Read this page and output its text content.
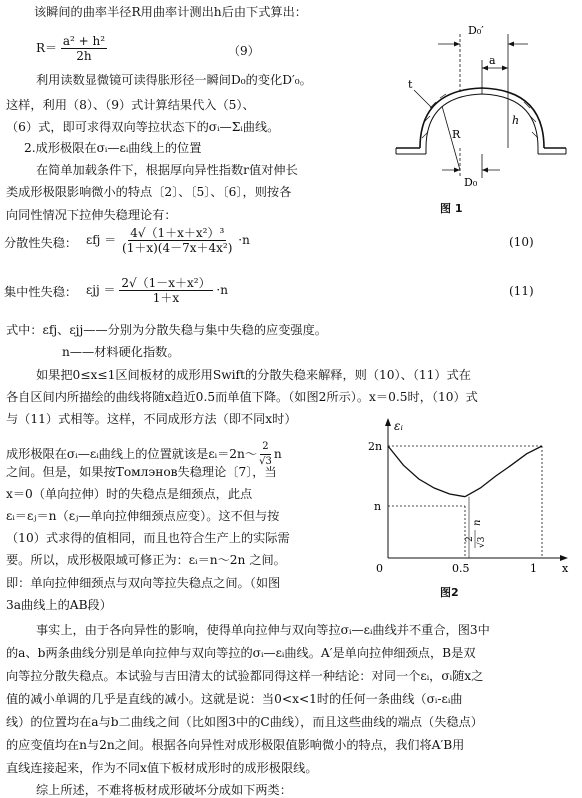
该瞬间的曲率半径R用曲率计测出h后由下式算出：
$R= \frac{\text{a² + h²}}{2h}$	（9）
利用读数显微镜可读得胀形径一瞬间D₀的变化D′₀。
这样，利用（8）、（9）式计算结果代入（5）、
（6）式，即可求得双向等拉状态下的σᵢ—Σᵢ曲线。
2.成形极限在σᵢ—εᵢ曲线上的位置
在简单加载条件下，根据厚向异性指数r值对伸长
类成形极限影响微小的特点〔2〕、〔5〕、〔6〕，则按各
向同性情况下拉伸失稳理论有：
D₀′
a
h
R
t
D₀
图 1
分散性失稳： $\varepsilon fj = \frac{\text{4√（1＋x＋x²）³}}{\text{(1＋x)(4－7x＋4x²)}} \cdot n$	(10)
集中性失稳： $\varepsilon jj = \frac{\text{2√（1－x＋x²）}}{1+x} \cdot n$	(11)
式中：εfj、εjj——分别为分散失稳与集中失稳的应变强度。
n——材料硬化指数。
如果把0≤x≤1区间板材的成形用Swift的分散失稳来解释，则（10）、（11）式在
各自区间内所描绘的曲线将随x趋近0.5而单值下降。（如图2所示）。x＝0.5时，（10）式
与（11）式相等。这样，不同成形方法（即不同x时）
成形极限在σᵢ—εᵢ曲线上的位置就该是εᵢ＝2n～ $\frac{2}{√3}$ n
之间。但是，如果按Томлэнов失稳理论〔7〕，当
x＝0（单向拉伸）时的失稳点是细颈点，此点
εᵢ＝εⱼ＝n（εⱼ—单向拉伸细颈点应变）。这不但与按
（10）式求得的值相同，而且也符合生产上的实际需
要。所以，成形极限域可修正为：εᵢ＝n～2n 之间。
即：单向拉伸细颈点与双向等拉失稳点之间。（如图
3a曲线上的AB段）
εᵢ
x
2n
n
0	0.5	1
2 √3
n
图2
事实上，由于各向异性的影响，使得单向拉伸与双向等拉σᵢ—εᵢ曲线并不重合，图3中
的a、b两条曲线分别是单向拉伸与双向等拉的σᵢ—εᵢ曲线。A′是单向拉伸细颈点，B是双
向等拉分散失稳点。本试验与吉田清太的试验都同得这样一种结论：对同一个εᵢ，σᵢ随x之
值的减小单调的几乎是直线的减小。这就是说：当0<x<1时的任何一条曲线（σᵢ-εᵢ曲
线）的位置均在a与b二曲线之间（比如图3中的C曲线），而且这些曲线的端点（失稳点）
的应变值均在n与2n之间。根据各向异性对成形极限值影响微小的特点，我们将A′B用
直线连接起来，作为不同x值下板材成形时的成形极限线。
综上所述，不难将板材成形破坏分成如下两类：
